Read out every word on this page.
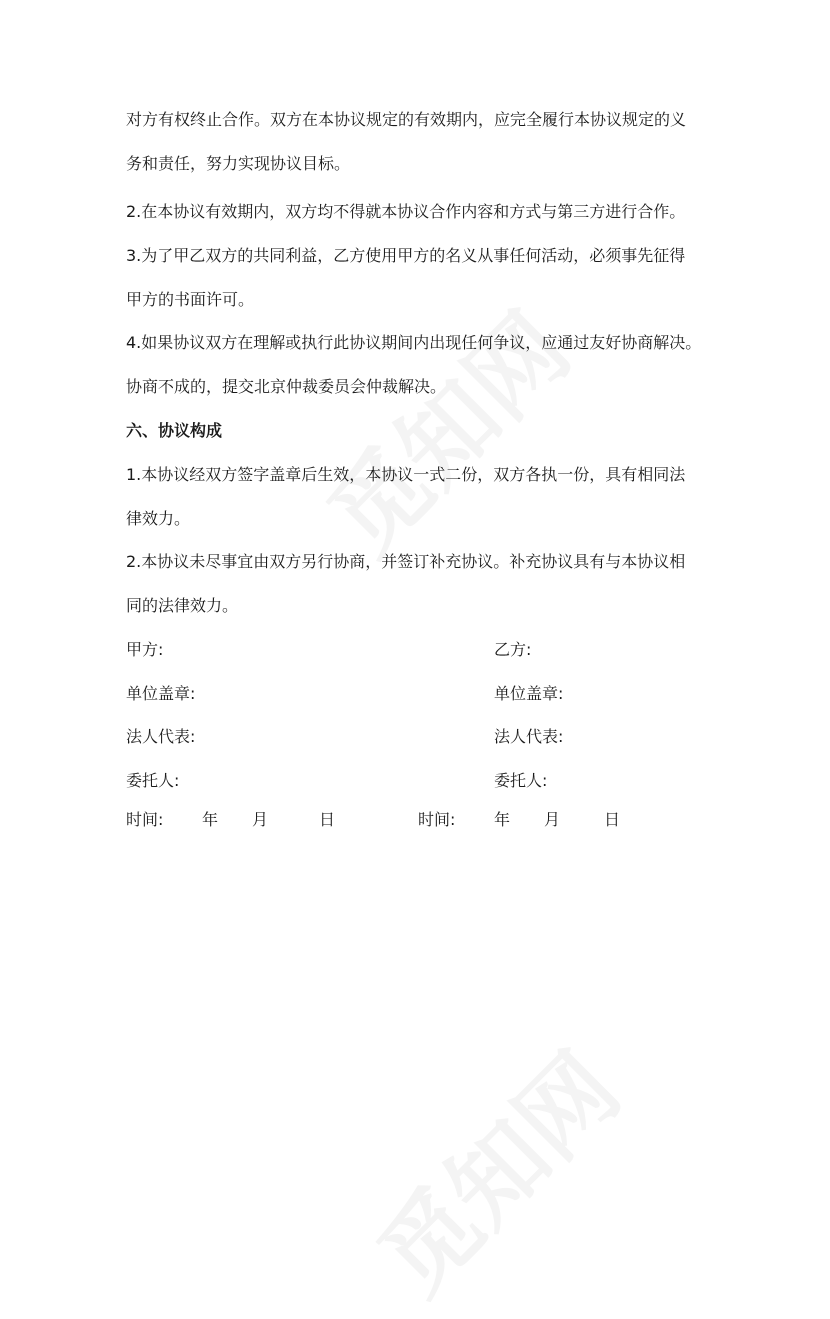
对方有权终止合作。双方在本协议规定的有效期内，应完全履行本协议规定的义
务和责任，努力实现协议目标。
2.在本协议有效期内，双方均不得就本协议合作内容和方式与第三方进行合作。
3.为了甲乙双方的共同利益，乙方使用甲方的名义从事任何活动，必须事先征得
甲方的书面许可。
4.如果协议双方在理解或执行此协议期间内出现任何争议，应通过友好协商解决。
协商不成的，提交北京仲裁委员会仲裁解决。
六、协议构成
1.本协议经双方签字盖章后生效，本协议一式二份，双方各执一份，具有相同法
律效力。
2.本协议未尽事宜由双方另行协商，并签订补充协议。补充协议具有与本协议相
同的法律效力。
甲方:	乙方:
单位盖章:	单位盖章:
法人代表:	法人代表:
委托人:	委托人:
时间: 年 月	日	时间: 年 月	日
